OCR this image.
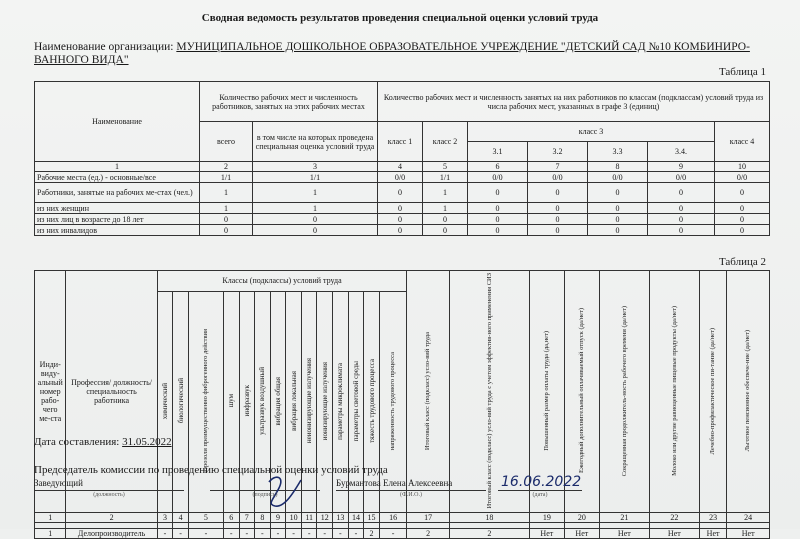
Сводная ведомость результатов проведения специальной оценки условий труда
Наименование организации: МУНИЦИПАЛЬНОЕ ДОШКОЛЬНОЕ ОБРАЗОВАТЕЛЬНОЕ УЧРЕЖДЕНИЕ "ДЕТСКИЙ САД №10 КОМБИНИРО-
ВАННОГО ВИДА"
Таблица 1
Наименование	Количество рабочих мест и численность работников, занятых на этих рабочих местах		Количество рабочих мест и численность занятых на них работников по классам (подклассам) условий труда из числа рабочих мест, указанных в графе 3 (единиц)						
	всего	в том числе на которых проведена специальная оценка условий труда	класс 1	класс 2	класс 3				класс 4
					3.1	3.2	3.3	3.4.	
1	2	3	4	5	6	7	8	9	10
Рабочие места (ед.) - основные/все	1/1	1/1	0/0	1/1	0/0	0/0	0/0	0/0	0/0
Работники, занятые на рабочих ме-стах (чел.)	1	1	0	1	0	0	0	0	0
из них женщин	1	1	0	1	0	0	0	0	0
из них лиц в возрасте до 18 лет	0	0	0	0	0	0	0	0	0
из них инвалидов	0	0	0	0	0	0	0	0	0
Таблица 2
Инди-виду-альный номер рабо-чего ме-ста	Профессия/ должность/ специальность работника	Классы (подклассы) условий труда														Итоговый класс (подкласс) усло-вий труда	Итоговый класс (подкласс) усло-вий труда с учетом эффектив-ного применения СИЗ	Повышенный размер оплаты труда (да,нет)	Ежегодный дополнительный оплачиваемый отпуск (да/нет)	Сокращенная продолжитель-ность рабочего времени (да/нет)	Молоко или другие равноценные пищевые продукты (да/нет)	Лечебно-профилактическое пи-тание (да/нет)	Льготное пенсионное обеспече-ние (да/нет)
		химический	биологический	аэрозоли преимущественно фиброгенного действия	шум	инфразвук	ультразвук воздушный	вибрация общая	вибрация локальная	неионизирующие излучения	ионизирующие излучения	параметры микроклимата	параметры световой среды	тяжесть трудового процесса	напряженность трудового процесса								
1	2	3	4	5	6	7	8	9	10	11	12	13	14	15	16	17	18	19	20	21	22	23	24

1	Делопроизводитель	-	-	-	-	-	-	-	-	-	-	-	-	2	-	2	2	Нет	Нет	Нет	Нет	Нет	Нет
Дата составления: 31.05.2022
Председатель комиссии по проведению специальной оценки условий труда
Заведующий	Бурмантова Елена Алексеевна	16.06.2022
(должность)	(подпись)	(Ф.И.О.)	(дата)
